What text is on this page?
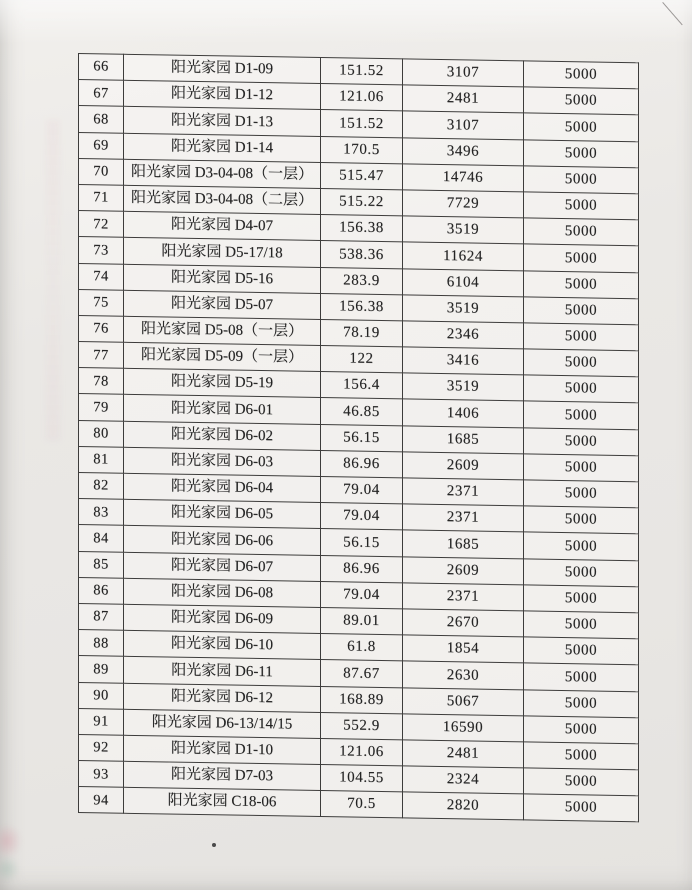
66	阳光家园 D1-09	151.52	3107	5000
67	阳光家园 D1-12	121.06	2481	5000
68	阳光家园 D1-13	151.52	3107	5000
69	阳光家园 D1-14	170.5	3496	5000
70	阳光家园 D3-04-08（一层）	515.47	14746	5000
71	阳光家园 D3-04-08（二层）	515.22	7729	5000
72	阳光家园 D4-07	156.38	3519	5000
73	阳光家园 D5-17/18	538.36	11624	5000
74	阳光家园 D5-16	283.9	6104	5000
75	阳光家园 D5-07	156.38	3519	5000
76	阳光家园 D5-08（一层）	78.19	2346	5000
77	阳光家园 D5-09（一层）	122	3416	5000
78	阳光家园 D5-19	156.4	3519	5000
79	阳光家园 D6-01	46.85	1406	5000
80	阳光家园 D6-02	56.15	1685	5000
81	阳光家园 D6-03	86.96	2609	5000
82	阳光家园 D6-04	79.04	2371	5000
83	阳光家园 D6-05	79.04	2371	5000
84	阳光家园 D6-06	56.15	1685	5000
85	阳光家园 D6-07	86.96	2609	5000
86	阳光家园 D6-08	79.04	2371	5000
87	阳光家园 D6-09	89.01	2670	5000
88	阳光家园 D6-10	61.8	1854	5000
89	阳光家园 D6-11	87.67	2630	5000
90	阳光家园 D6-12	168.89	5067	5000
91	阳光家园 D6-13/14/15	552.9	16590	5000
92	阳光家园 D1-10	121.06	2481	5000
93	阳光家园 D7-03	104.55	2324	5000
94	阳光家园 C18-06	70.5	2820	5000
